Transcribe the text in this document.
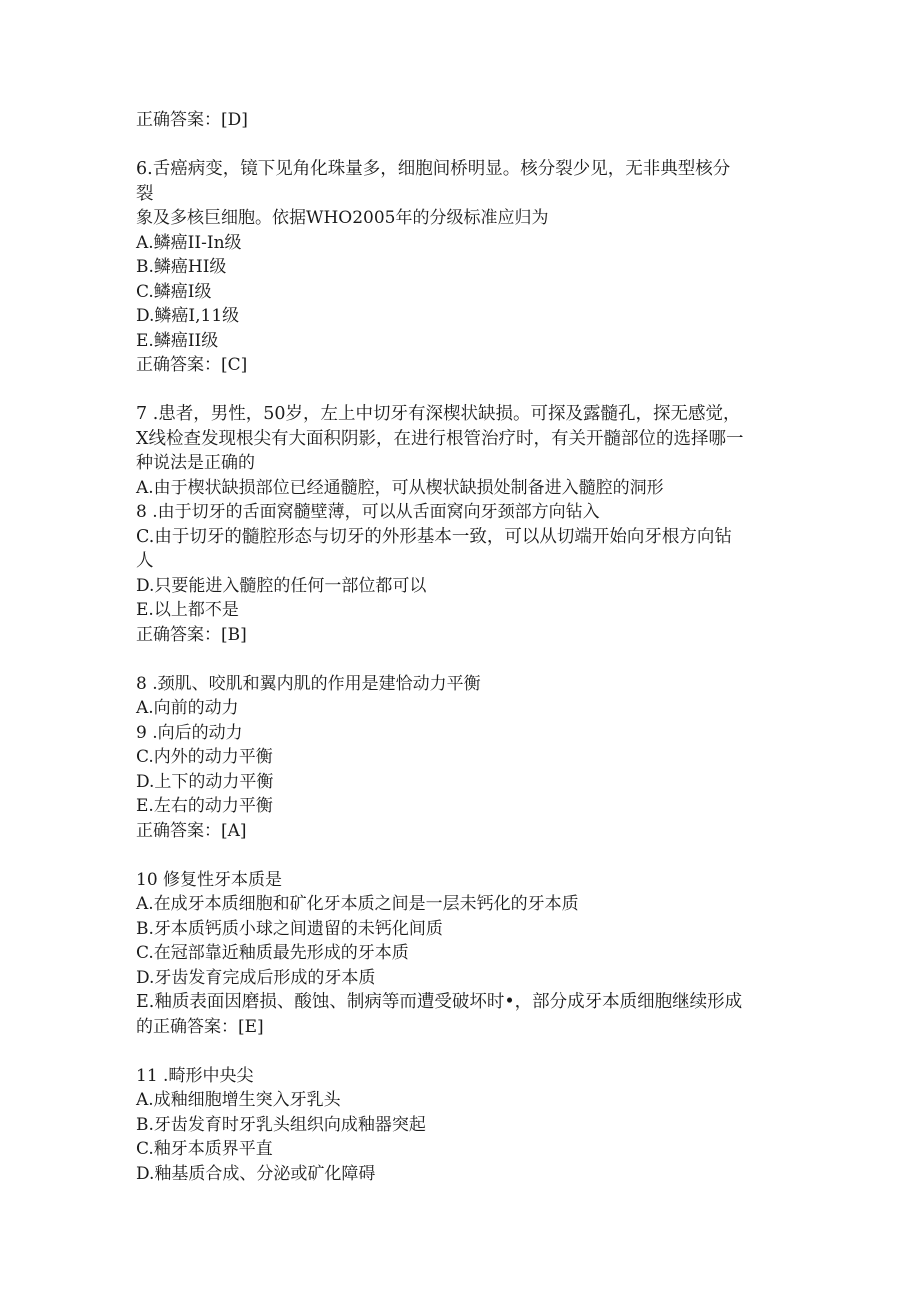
正确答案：[D]
6.舌癌病变，镜下见角化珠量多，细胞间桥明显。核分裂少见，无非典型核分
裂
象及多核巨细胞。依据WHO2005年的分级标准应归为
A.鳞癌II-In级
B.鳞癌HI级
C.鳞癌I级
D.鳞癌I,11级
E.鳞癌II级
正确答案：[C]
7 .患者，男性，50岁，左上中切牙有深楔状缺损。可探及露髓孔，探无感觉，
X线检查发现根尖有大面积阴影，在进行根管治疗时，有关开髓部位的选择哪一
种说法是正确的
A.由于楔状缺损部位已经通髓腔，可从楔状缺损处制备进入髓腔的洞形
8 .由于切牙的舌面窝髓壁薄，可以从舌面窝向牙颈部方向钻入
C.由于切牙的髓腔形态与切牙的外形基本一致，可以从切端开始向牙根方向钻
人
D.只要能进入髓腔的任何一部位都可以
E.以上都不是
正确答案：[B]
8 .颈肌、咬肌和翼内肌的作用是建恰动力平衡
A.向前的动力
9 .向后的动力
C.内外的动力平衡
D.上下的动力平衡
E.左右的动力平衡
正确答案：[A]
10 修复性牙本质是
A.在成牙本质细胞和矿化牙本质之间是一层未钙化的牙本质
B.牙本质钙质小球之间遗留的未钙化间质
C.在冠部靠近釉质最先形成的牙本质
D.牙齿发育完成后形成的牙本质
E.釉质表面因磨损、酸蚀、制病等而遭受破坏时•，部分成牙本质细胞继续形成
的正确答案：[E]
11 .畸形中央尖
A.成釉细胞增生突入牙乳头
B.牙齿发育时牙乳头组织向成釉器突起
C.釉牙本质界平直
D.釉基质合成、分泌或矿化障碍
